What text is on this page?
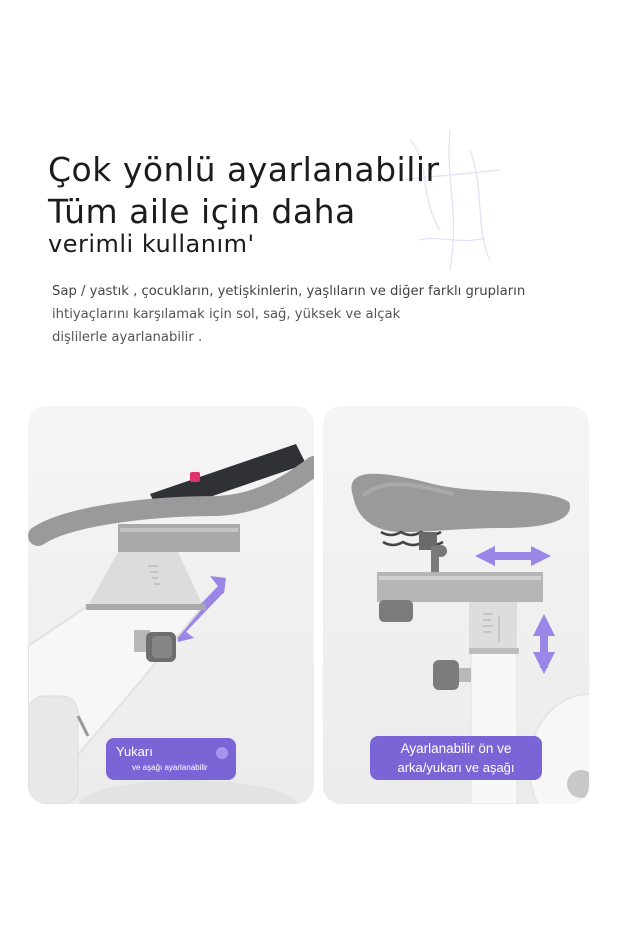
Çok yönlü ayarlanabilir
Tüm aile için daha
verimli kullanım'
Sap / yastık , çocukların, yetişkinlerin, yaşlıların ve diğer farklı grupların
ihtiyaçlarını karşılamak için sol, sağ, yüksek ve alçak
dişlilerle ayarlanabilir .
Yukarı
ve aşağı ayarlanabilir
Ayarlanabilir ön ve
arka/yukarı ve aşağı
